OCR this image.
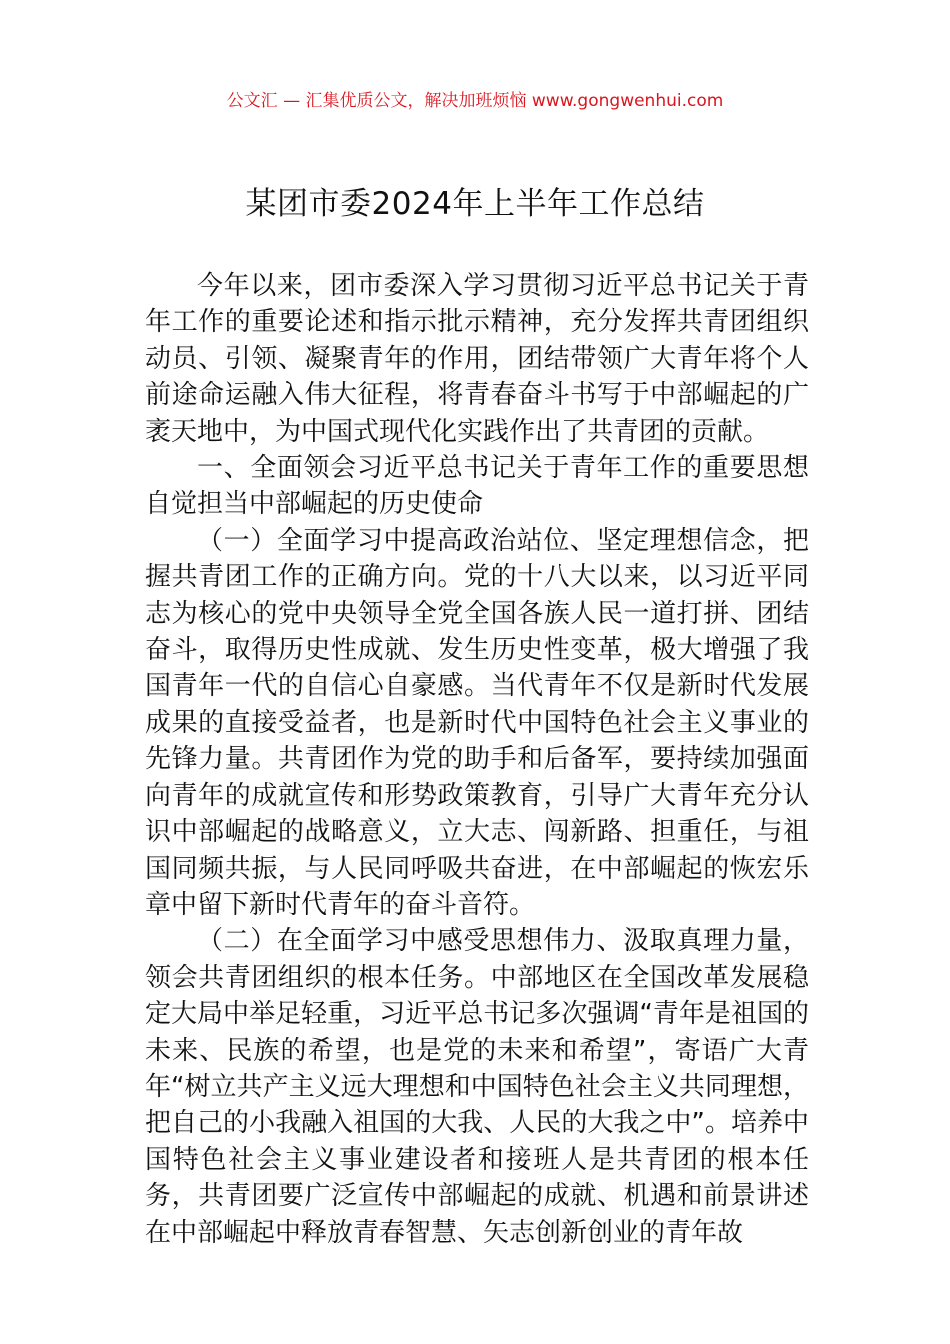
公文汇 — 汇集优质公文，解决加班烦恼 www.gongwenhui.com
某团市委2024年上半年工作总结

今年以来，团市委深入学习贯彻习近平总书记关于青年工作的重要论述和指示批示精神，充分发挥共青团组织动员、引领、凝聚青年的作用，团结带领广大青年将个人前途命运融入伟大征程，将青春奋斗书写于中部崛起的广袤天地中，为中国式现代化实践作出了共青团的贡献。

一、全面领会习近平总书记关于青年工作的重要思想自觉担当中部崛起的历史使命

（一）全面学习中提高政治站位、坚定理想信念，把握共青团工作的正确方向。党的十八大以来，以习近平同志为核心的党中央领导全党全国各族人民一道打拼、团结奋斗，取得历史性成就、发生历史性变革，极大增强了我国青年一代的自信心自豪感。当代青年不仅是新时代发展成果的直接受益者，也是新时代中国特色社会主义事业的先锋力量。共青团作为党的助手和后备军，要持续加强面向青年的成就宣传和形势政策教育，引导广大青年充分认识中部崛起的战略意义，立大志、闯新路、担重任，与祖国同频共振，与人民同呼吸共奋进，在中部崛起的恢宏乐章中留下新时代青年的奋斗音符。

（二）在全面学习中感受思想伟力、汲取真理力量，领会共青团组织的根本任务。中部地区在全国改革发展稳定大局中举足轻重，习近平总书记多次强调“青年是祖国的未来、民族的希望，也是党的未来和希望”，寄语广大青年“树立共产主义远大理想和中国特色社会主义共同理想，把自己的小我融入祖国的大我、人民的大我之中”。培养中国特色社会主义事业建设者和接班人是共青团的根本任务，共青团要广泛宣传中部崛起的成就、机遇和前景讲述在中部崛起中释放青春智慧、矢志创新创业的青年故
